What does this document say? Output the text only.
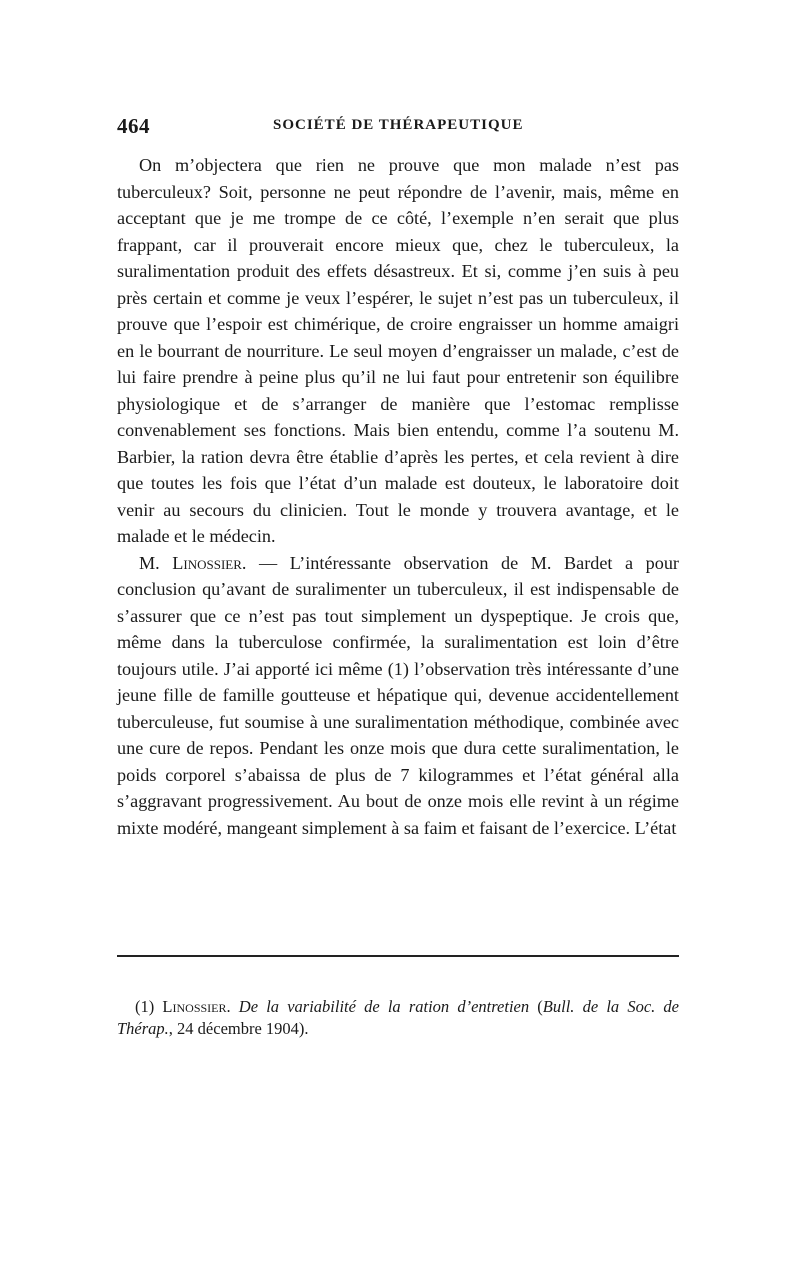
464	SOCIÉTÉ DE THÉRAPEUTIQUE

On m’objectera que rien ne prouve que mon malade n’est pas tuberculeux? Soit, personne ne peut répondre de l’avenir, mais, même en acceptant que je me trompe de ce côté, l’exemple n’en serait que plus frappant, car il prouverait encore mieux que, chez le tuberculeux, la suralimentation produit des effets désastreux. Et si, comme j’en suis à peu près certain et comme je veux l’espérer, le sujet n’est pas un tuberculeux, il prouve que l’espoir est chimérique, de croire engraisser un homme amaigri en le bourrant de nourriture. Le seul moyen d’engraisser un malade, c’est de lui faire prendre à peine plus qu’il ne lui faut pour entretenir son équilibre physiologique et de s’arranger de manière que l’estomac remplisse convenablement ses fonctions. Mais bien entendu, comme l’a soutenu M. Barbier, la ration devra être établie d’après les pertes, et cela revient à dire que toutes les fois que l’état d’un malade est douteux, le laboratoire doit venir au secours du clinicien. Tout le monde y trouvera avantage, et le malade et le médecin.

M. Linossier. — L’intéressante observation de M. Bardet a pour conclusion qu’avant de suralimenter un tuberculeux, il est indispensable de s’assurer que ce n’est pas tout simplement un dyspeptique. Je crois que, même dans la tuberculose confirmée, la suralimentation est loin d’être toujours utile. J’ai apporté ici même (1) l’observation très intéressante d’une jeune fille de famille goutteuse et hépatique qui, devenue accidentellement tuberculeuse, fut soumise à une suralimentation méthodique, combinée avec une cure de repos. Pendant les onze mois que dura cette suralimentation, le poids corporel s’abaissa de plus de 7 kilogrammes et l’état général alla s’aggravant progressivement. Au bout de onze mois elle revint à un régime mixte modéré, mangeant simplement à sa faim et faisant de l’exercice. L’état

(1) Linossier. De la variabilité de la ration d’entretien (Bull. de la Soc. de Thérap., 24 décembre 1904).
